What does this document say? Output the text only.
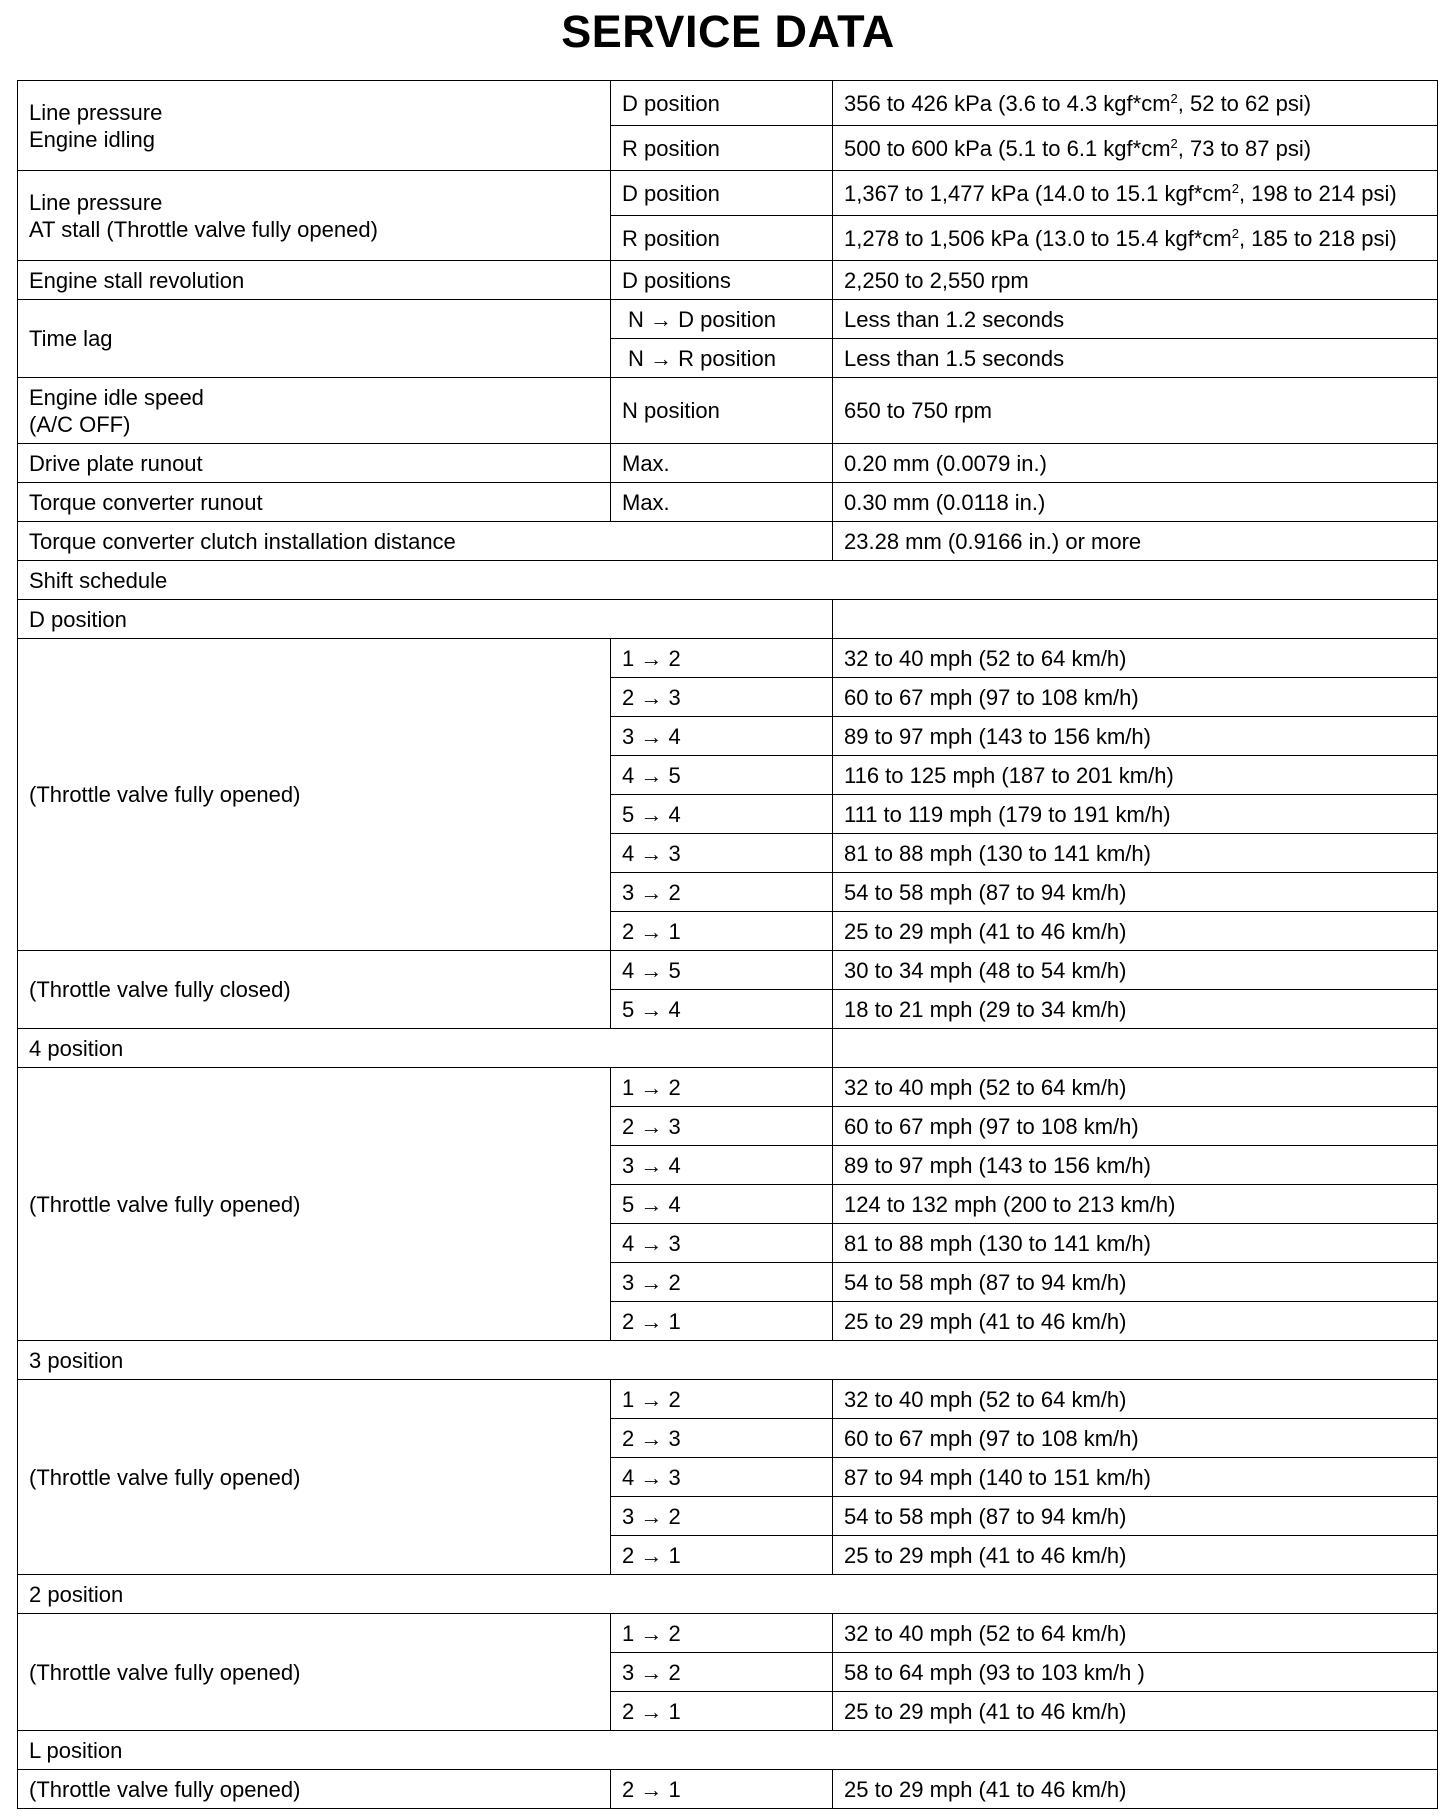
SERVICE DATA
Line pressure
Engine idling	D position	356 to 426 kPa (3.6 to 4.3 $kgf*cm^2$, 52 to 62 psi)
	R position	500 to 600 kPa (5.1 to 6.1 $kgf*cm^2$, 73 to 87 psi)

Line pressure
AT stall (Throttle valve fully opened)	D position	1,367 to 1,477 kPa (14.0 to 15.1 $kgf*cm^2$, 198 to 214 psi)
	R position	1,278 to 1,506 kPa (13.0 to 15.4 $kgf*cm^2$, 185 to 218 psi)
Engine stall revolution	D positions	2,250 to 2,550 rpm
Time lag	N → D position	Less than 1.2 seconds
	N → R position	Less than 1.5 seconds

Engine idle speed
(A/C OFF)	N position	650 to 750 rpm
Drive plate runout	Max.	0.20 mm (0.0079 in.)
Torque converter runout	Max.	0.30 mm (0.0118 in.)
Torque converter clutch installation distance		23.28 mm (0.9166 in.) or more
Shift schedule		
D position		
(Throttle valve fully opened)	1 → 2	32 to 40 mph (52 to 64 km/h)
	2 → 3	60 to 67 mph (97 to 108 km/h)
	3 → 4	89 to 97 mph (143 to 156 km/h)
	4 → 5	116 to 125 mph (187 to 201 km/h)
	5 → 4	111 to 119 mph (179 to 191 km/h)
	4 → 3	81 to 88 mph (130 to 141 km/h)
	3 → 2	54 to 58 mph (87 to 94 km/h)
	2 → 1	25 to 29 mph (41 to 46 km/h)
(Throttle valve fully closed)	4 → 5	30 to 34 mph (48 to 54 km/h)
	5 → 4	18 to 21 mph (29 to 34 km/h)
4 position		
(Throttle valve fully opened)	1 → 2	32 to 40 mph (52 to 64 km/h)
	2 → 3	60 to 67 mph (97 to 108 km/h)
	3 → 4	89 to 97 mph (143 to 156 km/h)
	5 → 4	124 to 132 mph (200 to 213 km/h)
	4 → 3	81 to 88 mph (130 to 141 km/h)
	3 → 2	54 to 58 mph (87 to 94 km/h)
	2 → 1	25 to 29 mph (41 to 46 km/h)
3 position		
(Throttle valve fully opened)	1 → 2	32 to 40 mph (52 to 64 km/h)
	2 → 3	60 to 67 mph (97 to 108 km/h)
	4 → 3	87 to 94 mph (140 to 151 km/h)
	3 → 2	54 to 58 mph (87 to 94 km/h)
	2 → 1	25 to 29 mph (41 to 46 km/h)
2 position		
(Throttle valve fully opened)	1 → 2	32 to 40 mph (52 to 64 km/h)
	3 → 2	58 to 64 mph (93 to 103 km/h )
	2 → 1	25 to 29 mph (41 to 46 km/h)
L position		
(Throttle valve fully opened)	2 → 1	25 to 29 mph (41 to 46 km/h)
